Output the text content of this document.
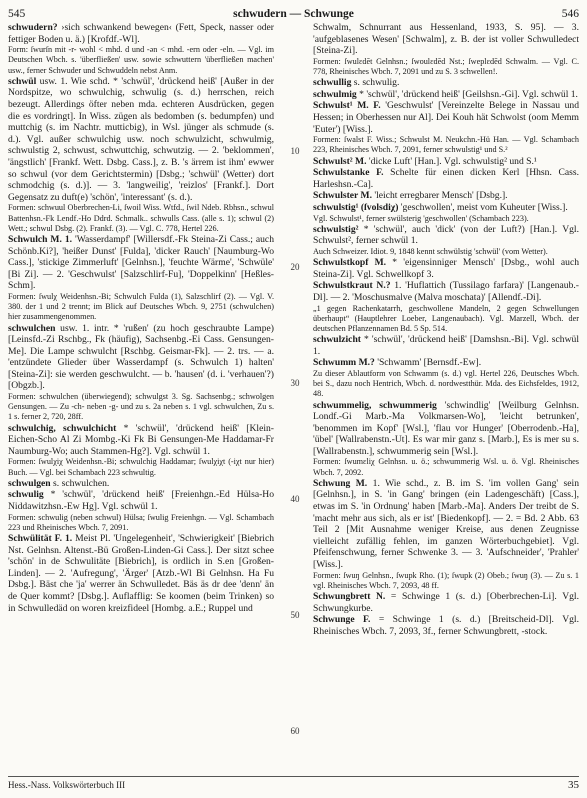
545	schwudern — Schwunge	546

schwudern? ›sich schwankend bewegen‹ (Fett, Speck, nasser oder fettiger Boden u. ä.) [Krofdf.-Wl].

Form: ſwurſn mit -r- wohl < mhd. d und -ən < mhd. -ern oder -eln. — Vgl. im Deutschen Wbch. s. 'überfließen' usw. sowie schwuttern 'überfließen machen' usw., ferner Schwuder und Schwuddeln nebst Anm.

schwül usw. 1. Wie schd. * 'schwül', 'drückend heiß' [Außer in der Nordspitze, wo schwulchig, schwulig (s. d.) herrschen, reich bezeugt. Allerdings öfter neben mda. echteren Ausdrücken, gegen die es vordringt]. In Wiss. zügen als bedomben (s. bedumpfen) und muttchig (s. im Nachtr. mutticbig), in Wsl. jünger als schmude (s. d.). Vgl. außer schwulchig usw. noch schwulzicht, schwulmig, schwulstig 2, schwust, schwuttchig, schwutzig. — 2. 'beklommen', 'ängstlich' [Frankf. Wett. Dsbg. Cass.], z. B. 's ärrem ist ihm' ewwer so schwul (vor dem Gerichtstermin) [Dsbg.; 'schwül' (Wetter) dort schmodchig (s. d.)]. — 3. 'langweilig', 'reizlos' [Frankf.]. Dort Gegensatz zu duft(e) 'schön', 'interessant' (s. d.).

Formen: schwuul Oberbrechen-Li, ſwoil Wiss. Wtfd., ſwil Ndeb. Rbhsn., schwul Battenhsn.-Fk Lendf.-Ho Ddrd. Schmalk.. schwulls Cass. (alle s. 1); schwul (2) Wett.; schwul Dsbg. (2). Frankf. (3). — Vgl. C. 778, Hertel 226.

Schwulch M. 1. 'Wasserdampf' [Willersdf.-Fk Steina-Zi Cass.; auch Schönb.Ki?], 'heißer Dunst' [Fulda], 'dicker Rauch' [Naumburg-Wo Cass.], 'stickige Zimmerluft' [Gelnhsn.], 'feuchte Wärme', 'Schwüle' [Bi Zi]. — 2. 'Geschwulst' [Salzschlirf-Fu], 'Doppelkinn' [Heßles-Schm].

Formen: ſwulχ Weidenhsn.-Bi; Schwulch Fulda (1), Salzschlirf (2). — Vgl. V. 380. der 1 und 2 trennt; im Blick auf Deutsches Wbch. 9, 2751 (schwulchen) hier zusammengenommen.

schwulchen usw. 1. intr. * 'rußen' (zu hoch geschraubte Lampe) [Leinsfd.-Zi Rschbg., Fk (häufig), Sachsenbg.-Ei Cass. Gensungen-Me]. Die Lampe schwulcht [Rschbg. Geismar-Fk]. — 2. trs. — a. 'entzündete Glieder über Wasserdampf (s. Schwulch 1) halten' [Steina-Zi]: sie werden geschwulcht. — b. 'hausen' (d. i. 'verhauen'?) [Obgzb.].

Formen: schwulchen (überwiegend); schwulgst 3. Sg. Sachsenbg.; schwolgen Gensungen. — Zu -ch- neben -g- und zu s. 2a neben s. 1 vgl. schwulchen, Zu s. 1 s. ferner 2, 720, 28ff.

schwulchig, schwulchicht * 'schwül', 'drückend heiß' [Klein-Eichen-Scho Al Zi Mombg.-Ki Fk Bi Gensungen-Me Haddamar-Fr Naumburg-Wo; auch Stammen-Hg?]. Vgl. schwül 1.

Formen: ſwulχiχ Weidenhsn.-Bi; schwulchig Haddamar; ſwulχiχt (-iχt nur hier) Buch. — Vgl. bei Schambach 223 schwultig.

schwulgen s. schwulchen.

schwulig * 'schwül', 'drückend heiß' [Freienhgn.-Ed Hülsa-Ho Niddawitzhsn.-Ew Hg]. Vgl. schwül 1.

Formen: schwulig (neben schwul) Hülsa; ſwulig Freienhgn. — Vgl. Schambach 223 und Rheinisches Wbch. 7, 2091.

Schwülität F. 1. Meist Pl. 'Ungelegenheit', 'Schwierigkeit' [Biebrich Nst. Gelnhsn. Altenst.-Bü Großen-Linden-Gi Cass.]. Der sitzt schee 'schön' in de Schwulitäte [Biebrich], is ordlich in S.en [Großen-Linden]. — 2. 'Aufregung', 'Ärger' [Atzb.-Wl Bi Gelnhsn. Ha Fu Dsbg.]. Bäst che 'ja' werrer än Schwulledet. Bäs äs dr dee 'denn' än de Quer kommt? [Dsbg.]. Auflafflig: Se koomen (beim Trinken) so in Schwulledäd on woren kreizfideel [Hombg. a.E.; Ruppel und

10
20
30
40
50
60

Schwalm, Schnurrant aus Hessenland, 1933, S. 95]. — 3. 'aufgeblasenes Wesen' [Schwalm], z. B. der ist voller Schwulledect [Steina-Zi].

Formen: ſwulεdēt Gelnhsn.; ſwoulεdēd Nst.; ſweplεdēd Schwalm. — Vgl. C. 778, Rheinisches Wbch. 7, 2091 und zu S. 3 schwellen!.

schwullig s. schwulig.

schwulmig * 'schwül', 'drückend heiß' [Geilshsn.-Gi]. Vgl. schwül 1.

Schwulst¹ M. F. 'Geschwulst' [Vereinzelte Belege in Nassau und Hessen; in Oberhessen nur Al]. Dei Kouh hät Schwolst (oom Memm 'Euter') [Wiss.].

Formen: ſwalst F. Wiss.; Schwulst M. Neukchn.-Hü Han. — Vgl. Schambach 223, Rheinisches Wbch. 7, 2091, ferner schwulstig¹ und S.²

Schwulst² M. 'dicke Luft' [Han.]. Vgl. schwulstig² und S.¹

Schwulstanke F. Schelte für einen dicken Kerl [Hhsn. Cass. Harleshsn.-Ca].

Schwulster M. 'leicht erregbarer Mensch' [Dsbg.].

schwulstig¹ (ſvolsdiχ) 'geschwollen', meist vom Kuheuter [Wiss.].

Vgl. Schwulst¹, ferner swülsterig 'geschwollen' (Schambach 223).

schwulstig² * 'schwül', auch 'dick' (von der Luft?) [Han.]. Vgl. Schwulst², ferner schwül 1.

Auch Schweizer. Idiot. 9, 1848 kennt schwülstig 'schwül' (vom Wetter).

Schwulstkopf M. * 'eigensinniger Mensch' [Dsbg., wohl auch Steina-Zi]. Vgl. Schwellkopf 3.

Schwulstkraut N.? 1. 'Huflattich (Tussilago farfara)' [Langenaub.-Dl]. — 2. 'Moschusmalve (Malva moschata)' [Allendf.-Di].

„1 gegen Rachenkatarrh, geschwollene Mandeln, 2 gegen Schwellungen überhaupt“ (Hauptlehrer Loeber, Langenaubach). Vgl. Marzell, Wbch. der deutschen Pflanzennamen Bd. 5 Sp. 514.

schwulzicht * 'schwül', 'drückend heiß' [Damshsn.-Bi]. Vgl. schwül 1.

Schwumm M.? 'Schwamm' [Bernsdf.-Ew].

Zu dieser Ablautform von Schwamm (s. d.) vgl. Hertel 226, Deutsches Wbch. bei S., dazu noch Hentrich, Wbch. d. nordwestthür. Mda. des Eichsfeldes, 1912, 48.

schwummelig, schwummerig 'schwindlig' [Weilburg Gelnhsn. Londf.-Gi Marb.-Ma Volkmarsen-Wo], 'leicht betrunken', 'benommen im Kopf' [Wsl.], 'flau vor Hunger' [Oberrodenb.-Ha], 'übel' [Wallrabenstn.-Ut]. Es war mir ganz s. [Marb.], Es is mer su s. [Wallrabenstn.], schwummerig sein [Wsl.].

Formen: ſwumεliχ Gelnhsn. u. ö.; schwummerig Wsl. u. ö. Vgl. Rheinisches Wbch. 7, 2092.

Schwung M. 1. Wie schd., z. B. im S. 'im vollen Gang' sein [Gelnhsn.], in S. 'in Gang' bringen (ein Ladengeschäft) [Cass.], etwas im S. 'in Ordnung' haben [Marb.-Ma]. Anders Der treibt de S. 'macht mehr aus sich, als er ist' [Biedenkopf]. — 2. = Bd. 2 Abb. 63 Teil 2 [Mit Ausnahme weniger Kreise, aus denen Zeugnisse vielleicht zufällig fehlen, im ganzen Wörterbuchgebiet]. Vgl. Pfeifenschwung, ferner Schwenke 3. — 3. 'Aufschneider', 'Prahler' [Wiss.].

Formen: ſwuŋ Gelnhsn., ſwupk Rho. (1); ſwupk (2) Obeb.; ſwuŋ (3). — Zu s. 1 vgl. Rheinisches Wbch. 7, 2093, 48 ff.

Schwungbrett N. = Schwinge 1 (s. d.) [Oberbrechen-Li]. Vgl. Schwungkurbe.

Schwunge F. = Schwinge 1 (s. d.) [Breitscheid-Dl]. Vgl. Rheinisches Wbch. 7, 2093, 3f., ferner Schwungbrett, -stock.

Hess.-Nass. Volkswörterbuch III	35
